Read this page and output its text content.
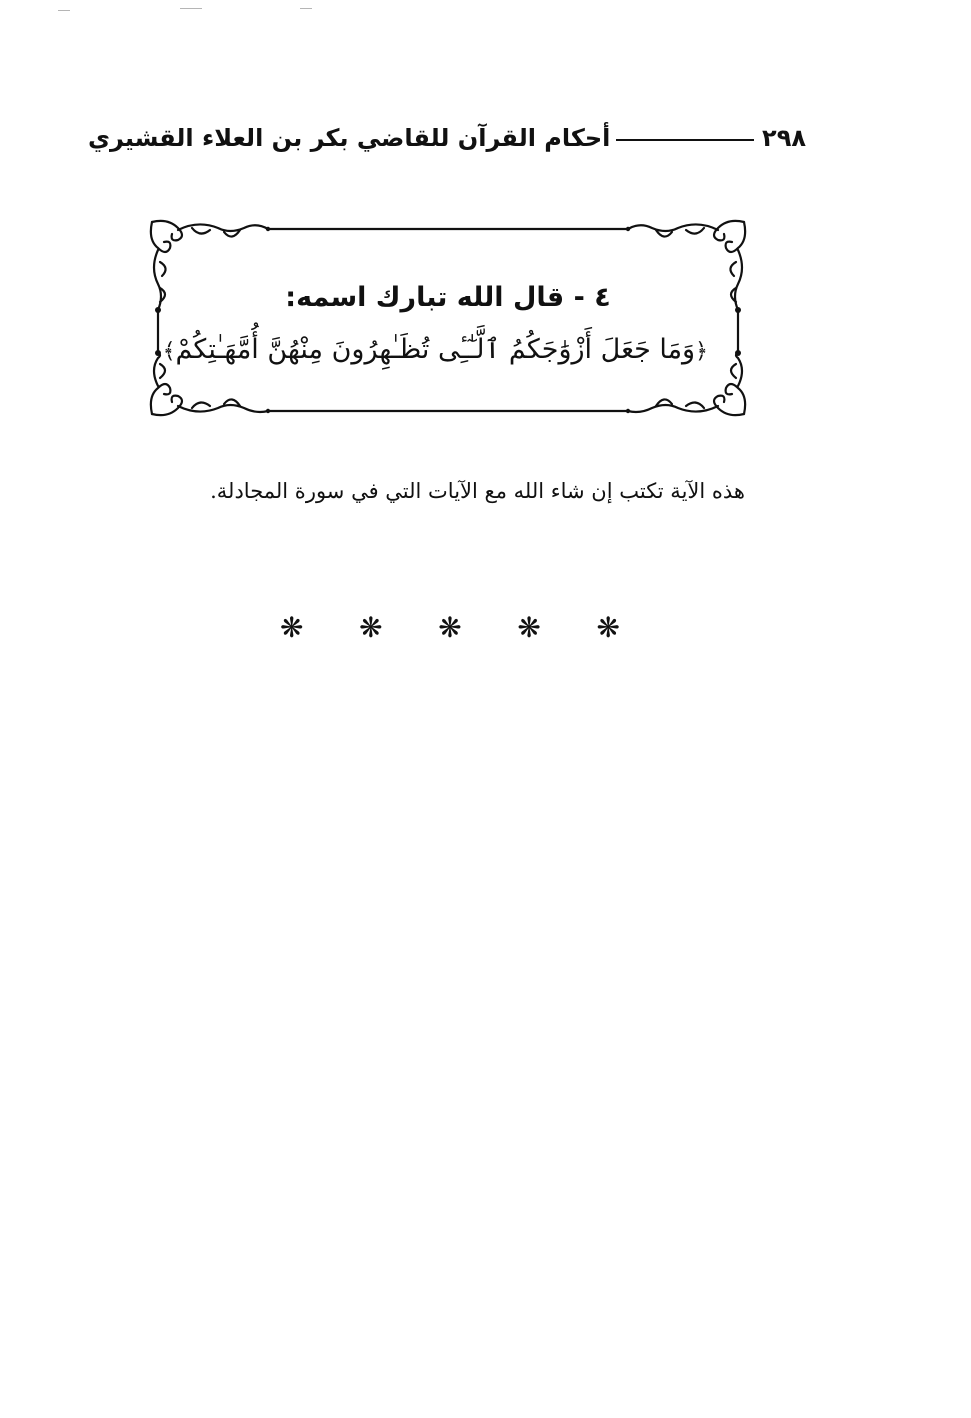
٢٩٨
أحكام القرآن للقاضي بكر بن العلاء القشيري
٤ - قال الله تبارك اسمه:
﴿وَمَا جَعَلَ أَزْوَٰجَكُمُ ٱلَّـٰٓـِٔى تُظَـٰهِرُونَ مِنْهُنَّ أُمَّهَـٰتِكُمْ﴾

هذه الآية تكتب إن شاء الله مع الآيات التي في سورة المجادلة.

❋ ❋ ❋ ❋ ❋
